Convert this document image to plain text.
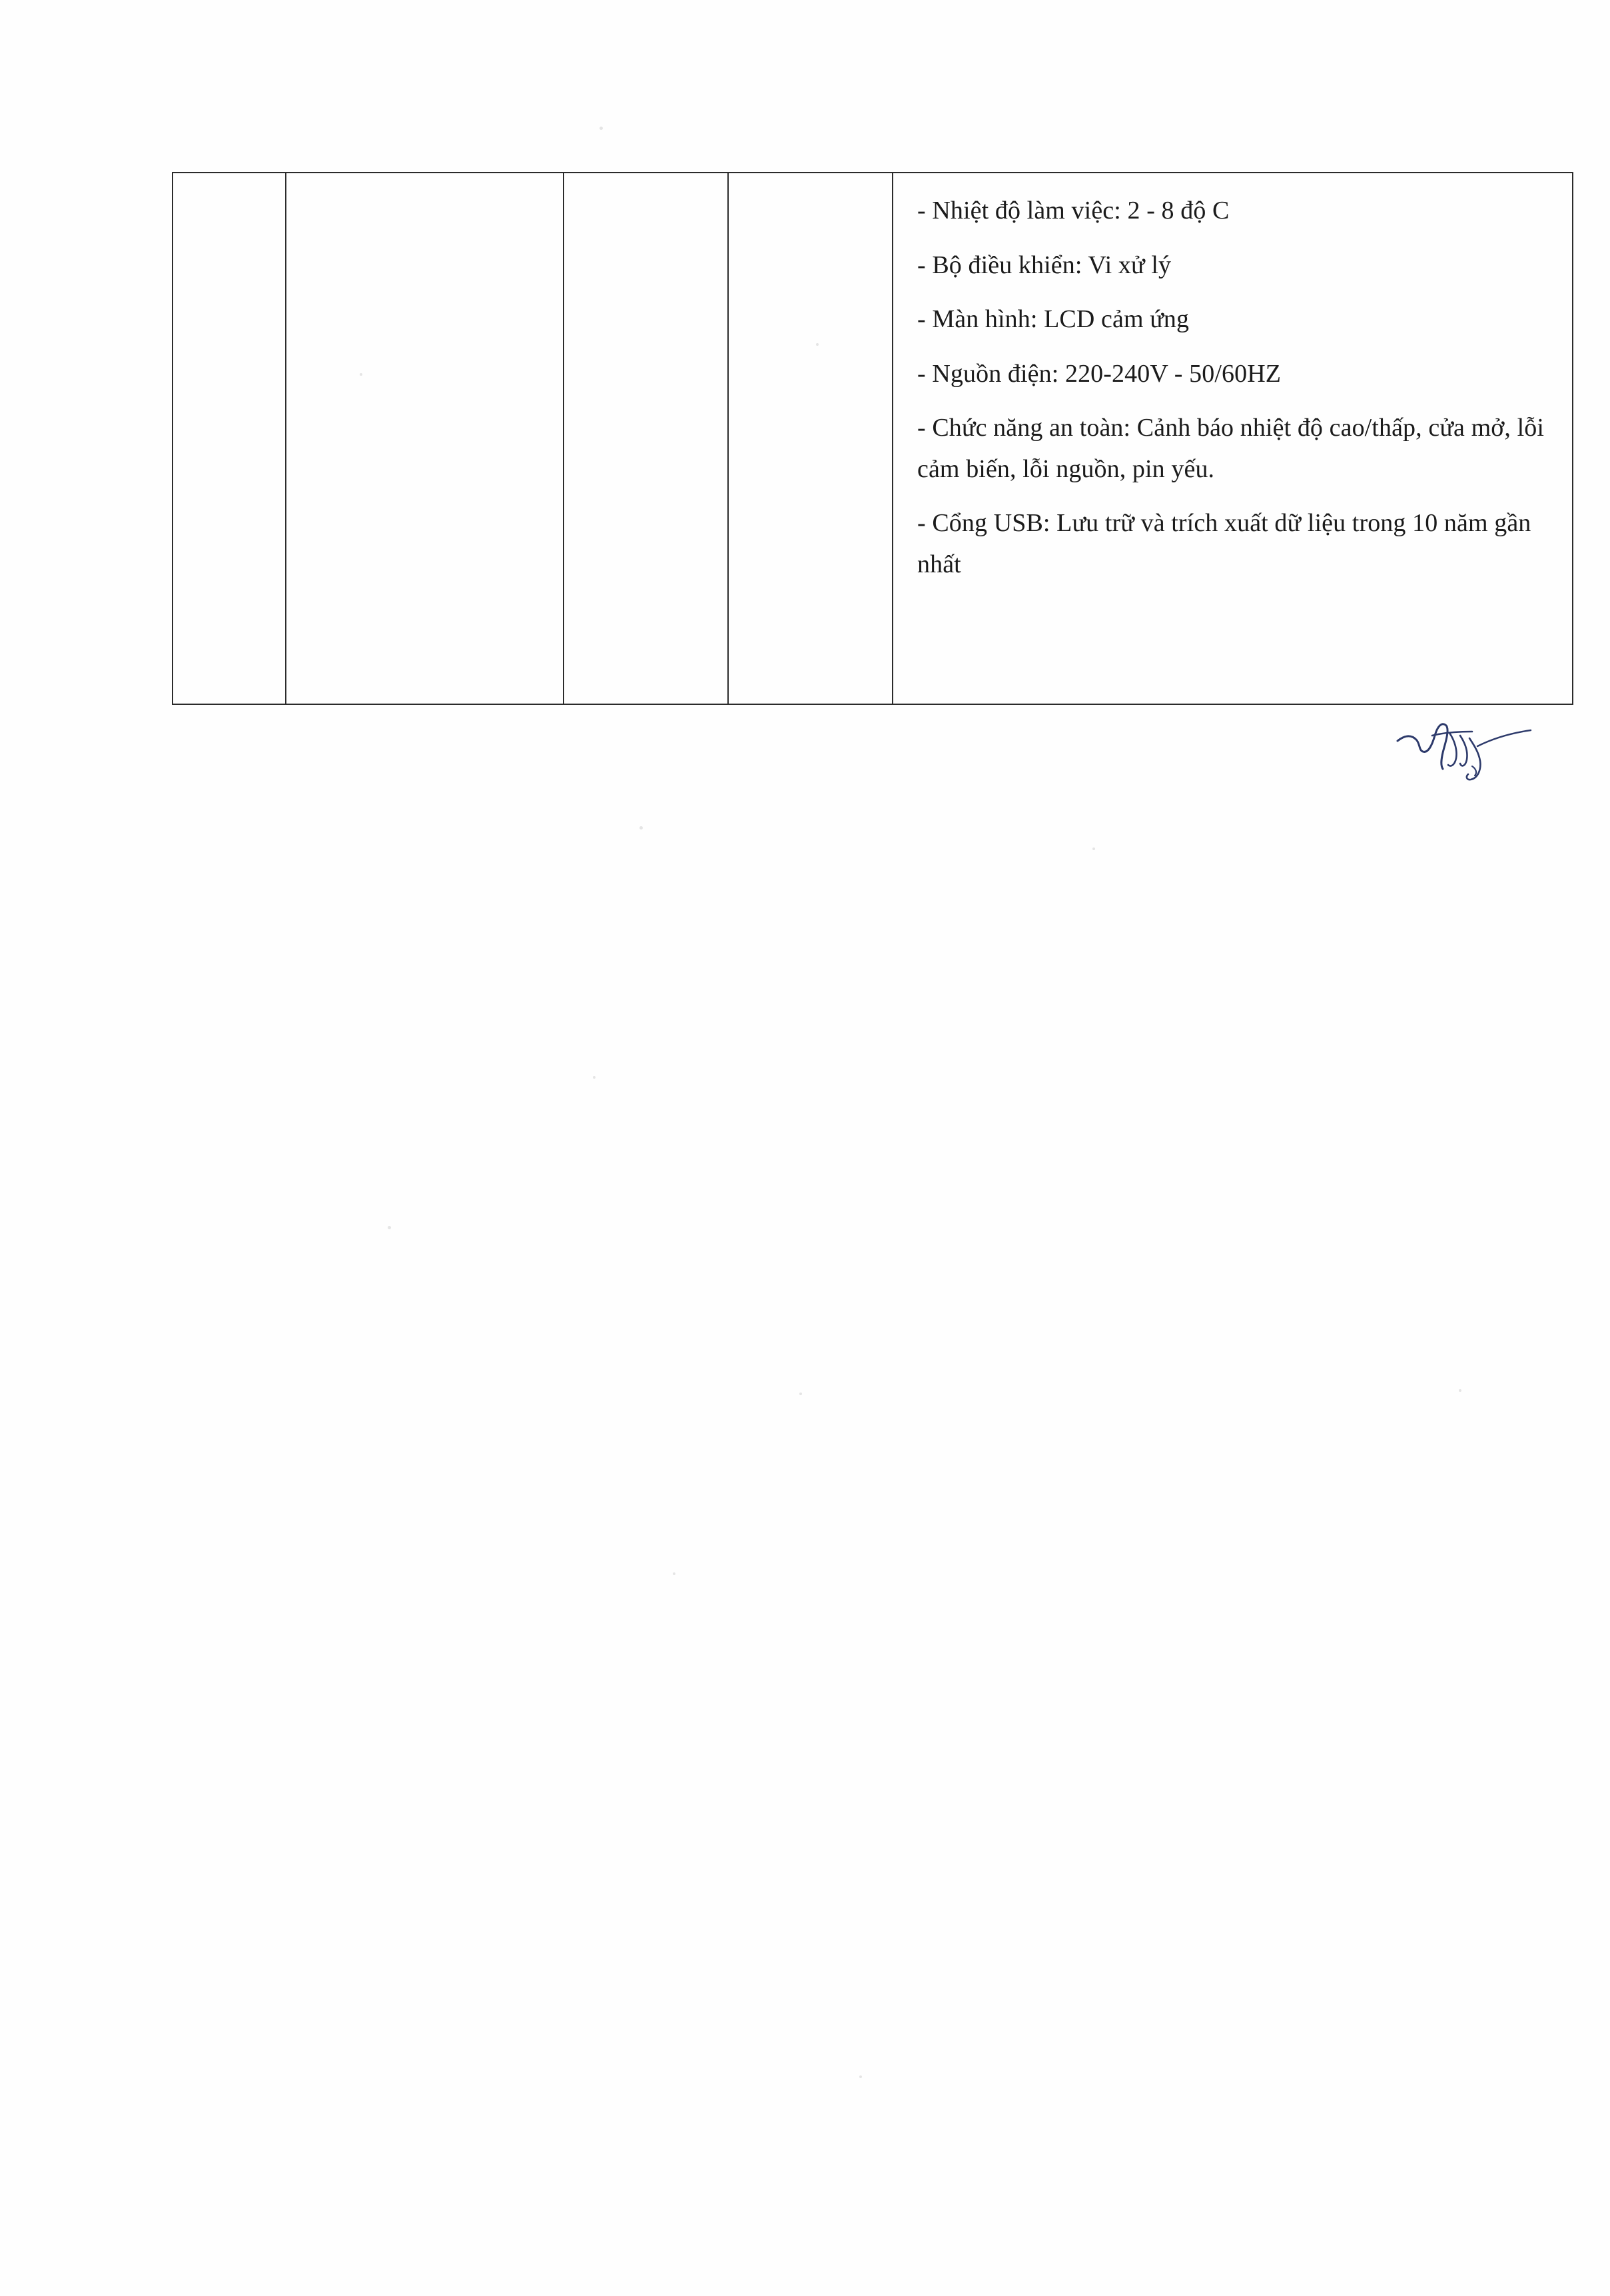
- Nhiệt độ làm việc: 2 - 8 độ C

- Bộ điều khiển: Vi xử lý

- Màn hình: LCD cảm ứng

- Nguồn điện: 220-240V - 50/60HZ

- Chức năng an toàn: Cảnh báo nhiệt độ cao/thấp, cửa mở, lỗi cảm biến, lỗi nguồn, pin yếu.

- Cổng USB: Lưu trữ và trích xuất dữ liệu trong 10 năm gần nhất
